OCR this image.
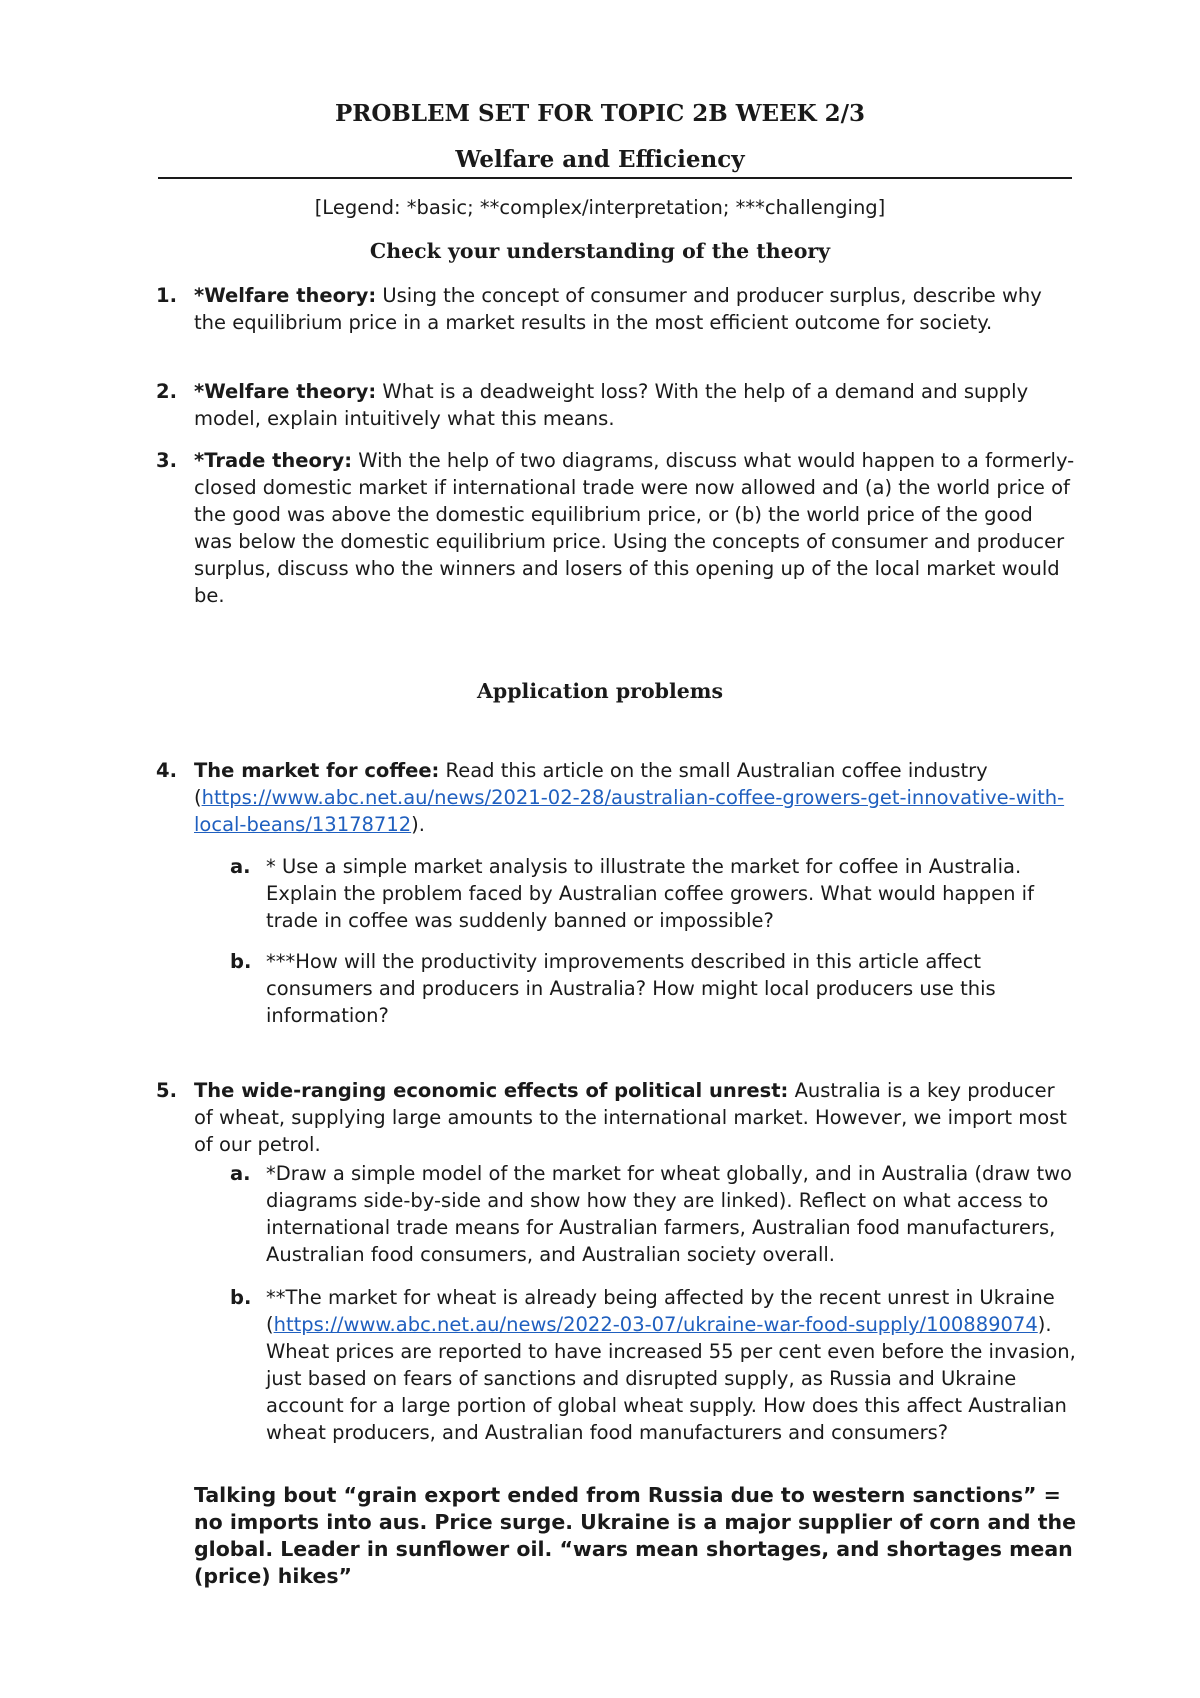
PROBLEM SET FOR TOPIC 2B WEEK 2/3
Welfare and Efficiency
[Legend: *basic; **complex/interpretation; ***challenging]
Check your understanding of the theory
1. *Welfare theory: Using the concept of consumer and producer surplus, describe why the equilibrium price in a market results in the most efficient outcome for society.
2. *Welfare theory: What is a deadweight loss? With the help of a demand and supply model, explain intuitively what this means.
3. *Trade theory: With the help of two diagrams, discuss what would happen to a formerly-closed domestic market if international trade were now allowed and (a) the world price of the good was above the domestic equilibrium price, or (b) the world price of the good was below the domestic equilibrium price. Using the concepts of consumer and producer surplus, discuss who the winners and losers of this opening up of the local market would be.
Application problems
4. The market for coffee: Read this article on the small Australian coffee industry (https://www.abc.net.au/news/2021-02-28/australian-coffee-growers-get-innovative-with-local-beans/13178712).
a. * Use a simple market analysis to illustrate the market for coffee in Australia. Explain the problem faced by Australian coffee growers. What would happen if trade in coffee was suddenly banned or impossible?
b. ***How will the productivity improvements described in this article affect consumers and producers in Australia? How might local producers use this information?
5. The wide-ranging economic effects of political unrest: Australia is a key producer of wheat, supplying large amounts to the international market. However, we import most of our petrol.
a. *Draw a simple model of the market for wheat globally, and in Australia (draw two diagrams side-by-side and show how they are linked). Reflect on what access to international trade means for Australian farmers, Australian food manufacturers, Australian food consumers, and Australian society overall.
b. **The market for wheat is already being affected by the recent unrest in Ukraine (https://www.abc.net.au/news/2022-03-07/ukraine-war-food-supply/100889074). Wheat prices are reported to have increased 55 per cent even before the invasion, just based on fears of sanctions and disrupted supply, as Russia and Ukraine account for a large portion of global wheat supply. How does this affect Australian wheat producers, and Australian food manufacturers and consumers?
Talking bout “grain export ended from Russia due to western sanctions” = no imports into aus. Price surge. Ukraine is a major supplier of corn and the global. Leader in sunflower oil. “wars mean shortages, and shortages mean (price) hikes”
